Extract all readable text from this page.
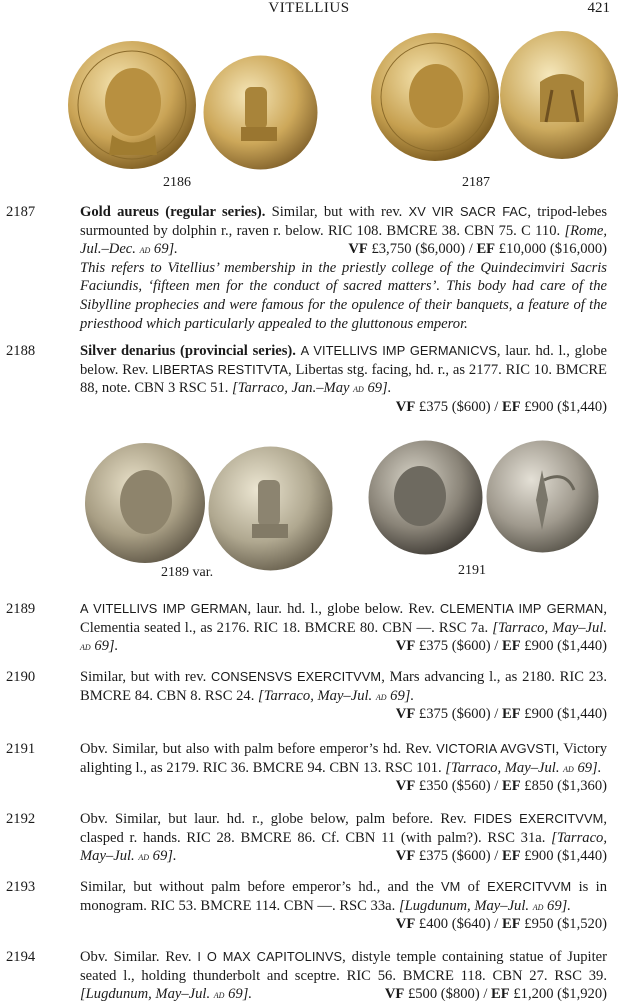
VITELLIUS	421
2186	2187
2187	Gold aureus (regular series). Similar, but with rev. XV VIR SACR FAC, tripod-lebes surmounted by dolphin r., raven r. below. RIC 108. BMCRE 38. CBN 75. C 110. [Rome, Jul.–Dec. ad 69].	VF £3,750 ($6,000) / EF £10,000 ($16,000)
This refers to Vitellius’ membership in the priestly college of the Quindecimviri Sacris Faciundis, ‘fifteen men for the conduct of sacred matters’. This body had care of the Sibylline prophecies and were famous for the opulence of their banquets, a feature of the priesthood which particularly appealed to the gluttonous emperor.
2188	Silver denarius (provincial series). A VITELLIVS IMP GERMANICVS, laur. hd. l., globe below. Rev. LIBERTAS RESTITVTA, Libertas stg. facing, hd. r., as 2177. RIC 10. BMCRE 88, note. CBN 3 RSC 51. [Tarraco, Jan.–May ad 69].
VF £375 ($600) / EF £900 ($1,440)
2189 var.	2191
2189	A VITELLIVS IMP GERMAN, laur. hd. l., globe below. Rev. CLEMENTIA IMP GERMAN, Clementia seated l., as 2176. RIC 18. BMCRE 80. CBN —. RSC 7a. [Tarraco, May–Jul. ad 69].	VF £375 ($600) / EF £900 ($1,440)
2190	Similar, but with rev. CONSENSVS EXERCITVVM, Mars advancing l., as 2180. RIC 23. BMCRE 84. CBN 8. RSC 24. [Tarraco, May–Jul. ad 69].
VF £375 ($600) / EF £900 ($1,440)
2191	Obv. Similar, but also with palm before emperor’s hd. Rev. VICTORIA AVGVSTI, Victory alighting l., as 2179. RIC 36. BMCRE 94. CBN 13. RSC 101. [Tarraco, May–Jul. ad 69].
VF £350 ($560) / EF £850 ($1,360)
2192	Obv. Similar, but laur. hd. r., globe below, palm before. Rev. FIDES EXERCITVVM, clasped r. hands. RIC 28. BMCRE 86. Cf. CBN 11 (with palm?). RSC 31a. [Tarraco, May–Jul. ad 69].	VF £375 ($600) / EF £900 ($1,440)
2193	Similar, but without palm before emperor’s hd., and the VM of EXERCITVVM is in monogram. RIC 53. BMCRE 114. CBN —. RSC 33a. [Lugdunum, May–Jul. ad 69].
VF £400 ($640) / EF £950 ($1,520)
2194	Obv. Similar. Rev. I O MAX CAPITOLINVS, distyle temple containing statue of Jupiter seated l., holding thunderbolt and sceptre. RIC 56. BMCRE 118. CBN 27. RSC 39. [Lugdunum, May–Jul. ad 69].	VF £500 ($800) / EF £1,200 ($1,920)
